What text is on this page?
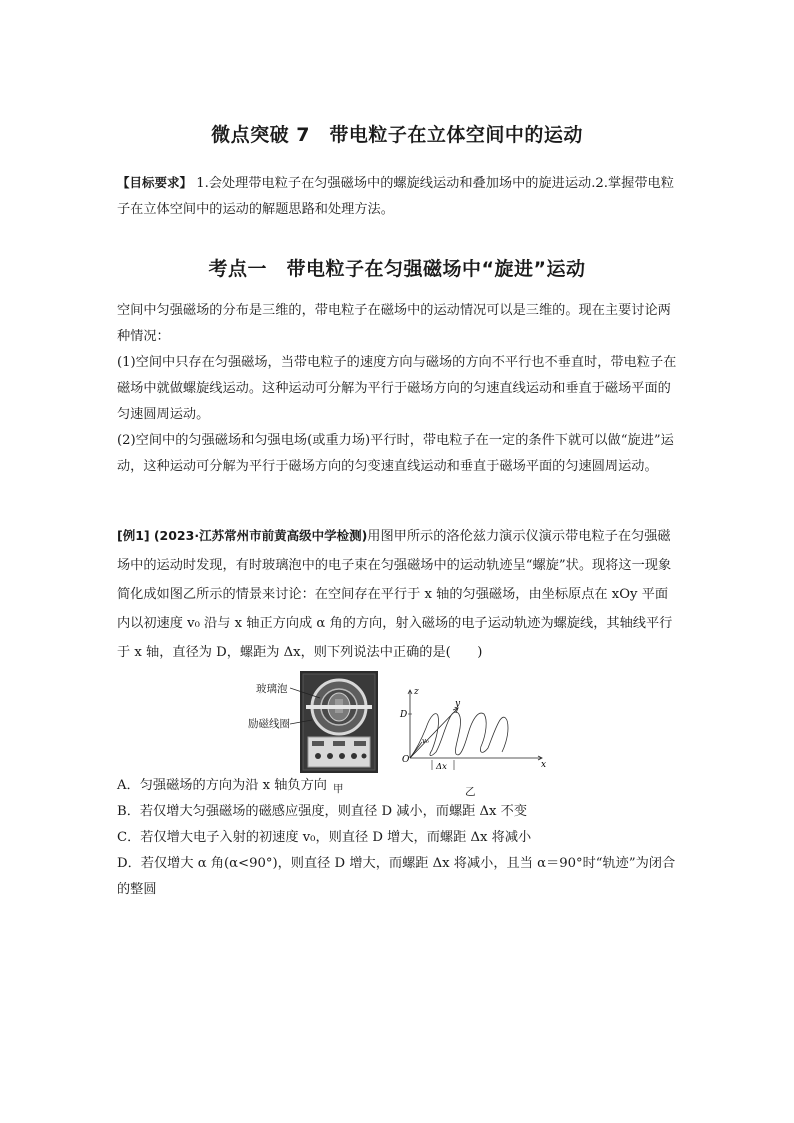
微点突破 7　带电粒子在立体空间中的运动

【目标要求】 1.会处理带电粒子在匀强磁场中的螺旋线运动和叠加场中的旋进运动.2.掌握带电粒子在立体空间中的运动的解题思路和处理方法。

考点一　带电粒子在匀强磁场中“旋进”运动

空间中匀强磁场的分布是三维的，带电粒子在磁场中的运动情况可以是三维的。现在主要讨论两种情况：

(1)空间中只存在匀强磁场，当带电粒子的速度方向与磁场的方向不平行也不垂直时，带电粒子在磁场中就做螺旋线运动。这种运动可分解为平行于磁场方向的匀速直线运动和垂直于磁场平面的匀速圆周运动。

(2)空间中的匀强磁场和匀强电场(或重力场)平行时，带电粒子在一定的条件下就可以做“旋进”运动，这种运动可分解为平行于磁场方向的匀变速直线运动和垂直于磁场平面的匀速圆周运动。

[例1] (2023·江苏常州市前黄高级中学检测)用图甲所示的洛伦兹力演示仪演示带电粒子在匀强磁场中的运动时发现，有时玻璃泡中的电子束在匀强磁场中的运动轨迹呈“螺旋”状。现将这一现象简化成如图乙所示的情景来讨论：在空间存在平行于 x 轴的匀强磁场，由坐标原点在 xOy 平面内以初速度 v₀ 沿与 x 轴正方向成 α 角的方向，射入磁场的电子运动轨迹为螺旋线，其轴线平行于 x 轴，直径为 D，螺距为 Δx，则下列说法中正确的是(　　)

玻璃泡
励磁线圈
甲
z
y
x
O
D
v₀
Δx
乙
A．匀强磁场的方向为沿 x 轴负方向
B．若仅增大匀强磁场的磁感应强度，则直径 D 减小，而螺距 Δx 不变
C．若仅增大电子入射的初速度 v₀，则直径 D 增大，而螺距 Δx 将减小
D．若仅增大 α 角(α<90°)，则直径 D 增大，而螺距 Δx 将减小，且当 α＝90°时“轨迹”为闭合的整圆
